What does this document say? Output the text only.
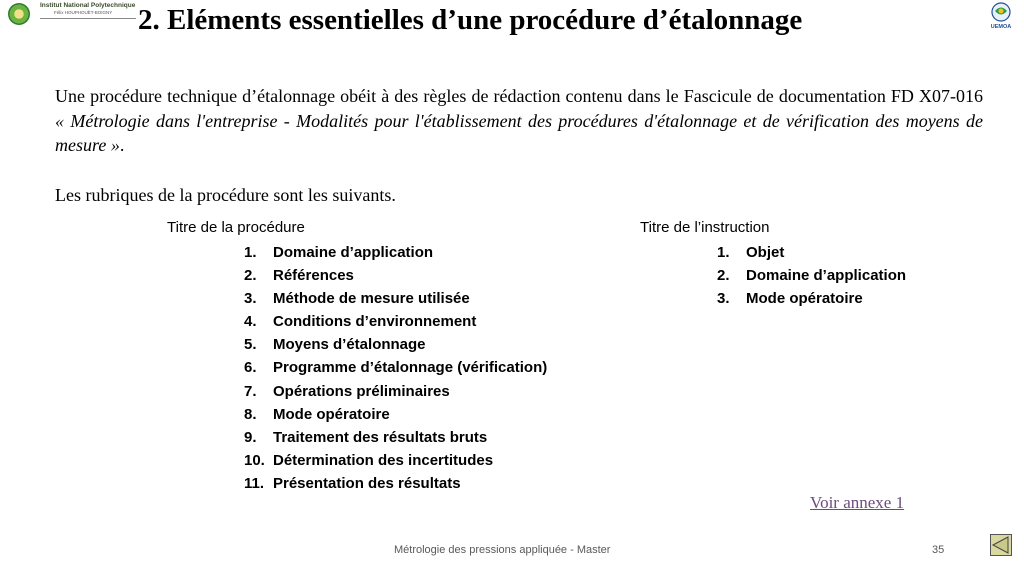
Institut National Polytechnique
Félix HOUPHOUËT-BOIGNY
UEMOA
2. Eléments essentielles d’une procédure d’étalonnage

Une procédure technique d’étalonnage obéit à des règles de rédaction contenu dans le Fascicule de documentation FD X07-016 « Métrologie dans l'entreprise - Modalités pour l'établissement des procédures d'étalonnage et de vérification des moyens de mesure ».

Les rubriques de la procédure sont les suivants.

Titre de la procédure
1. Domaine d’application
2. Références
3. Méthode de mesure utilisée
4. Conditions d’environnement
5. Moyens d’étalonnage
6. Programme d’étalonnage (vérification)
7. Opérations préliminaires
8. Mode opératoire
9. Traitement des résultats bruts
10. Détermination des incertitudes
11. Présentation des résultats
Titre de l’instruction
1. Objet
2. Domaine d’application
3. Mode opératoire
Voir annexe 1
Métrologie des pressions appliquée - Master	35
